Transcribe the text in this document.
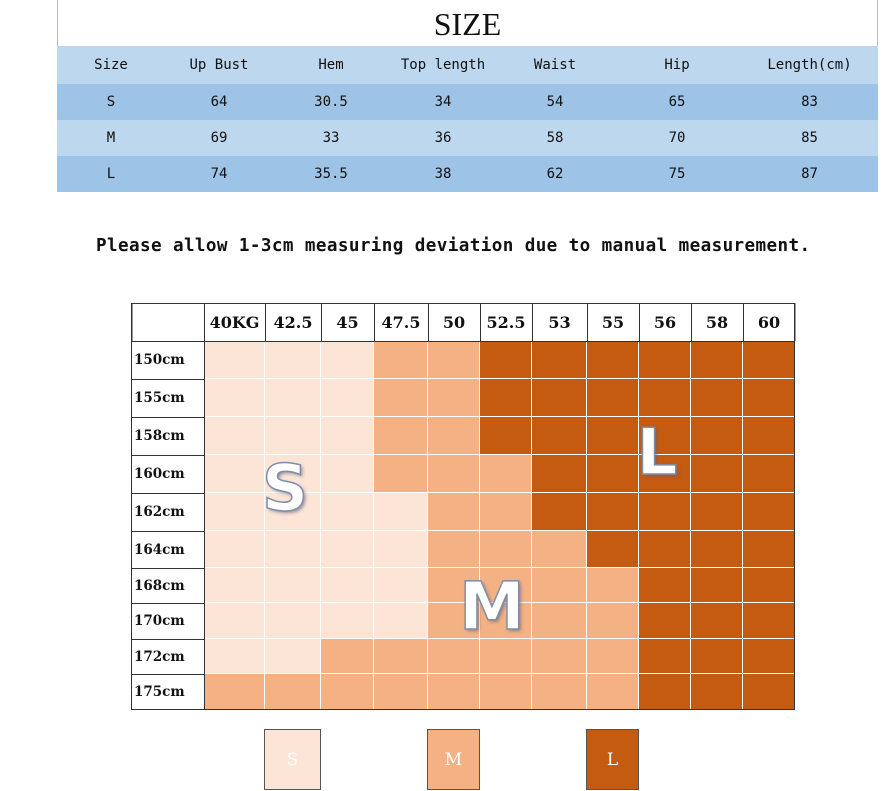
SIZE
Size	Up Bust	Hem	Top length	Waist	Hip	Length(cm)
S	64	30.5	34	54	65	83
M	69	33	36	58	70	85
L	74	35.5	38	62	75	87
Please allow 1-3cm measuring deviation due to manual measurement.
40KG 42.5	45	47.5	50	52.5	53	55	56	58	60
150cm
155cm
158cm
160cm
162cm
164cm
168cm
170cm
172cm
175cm
S
M
L
S	M	L
